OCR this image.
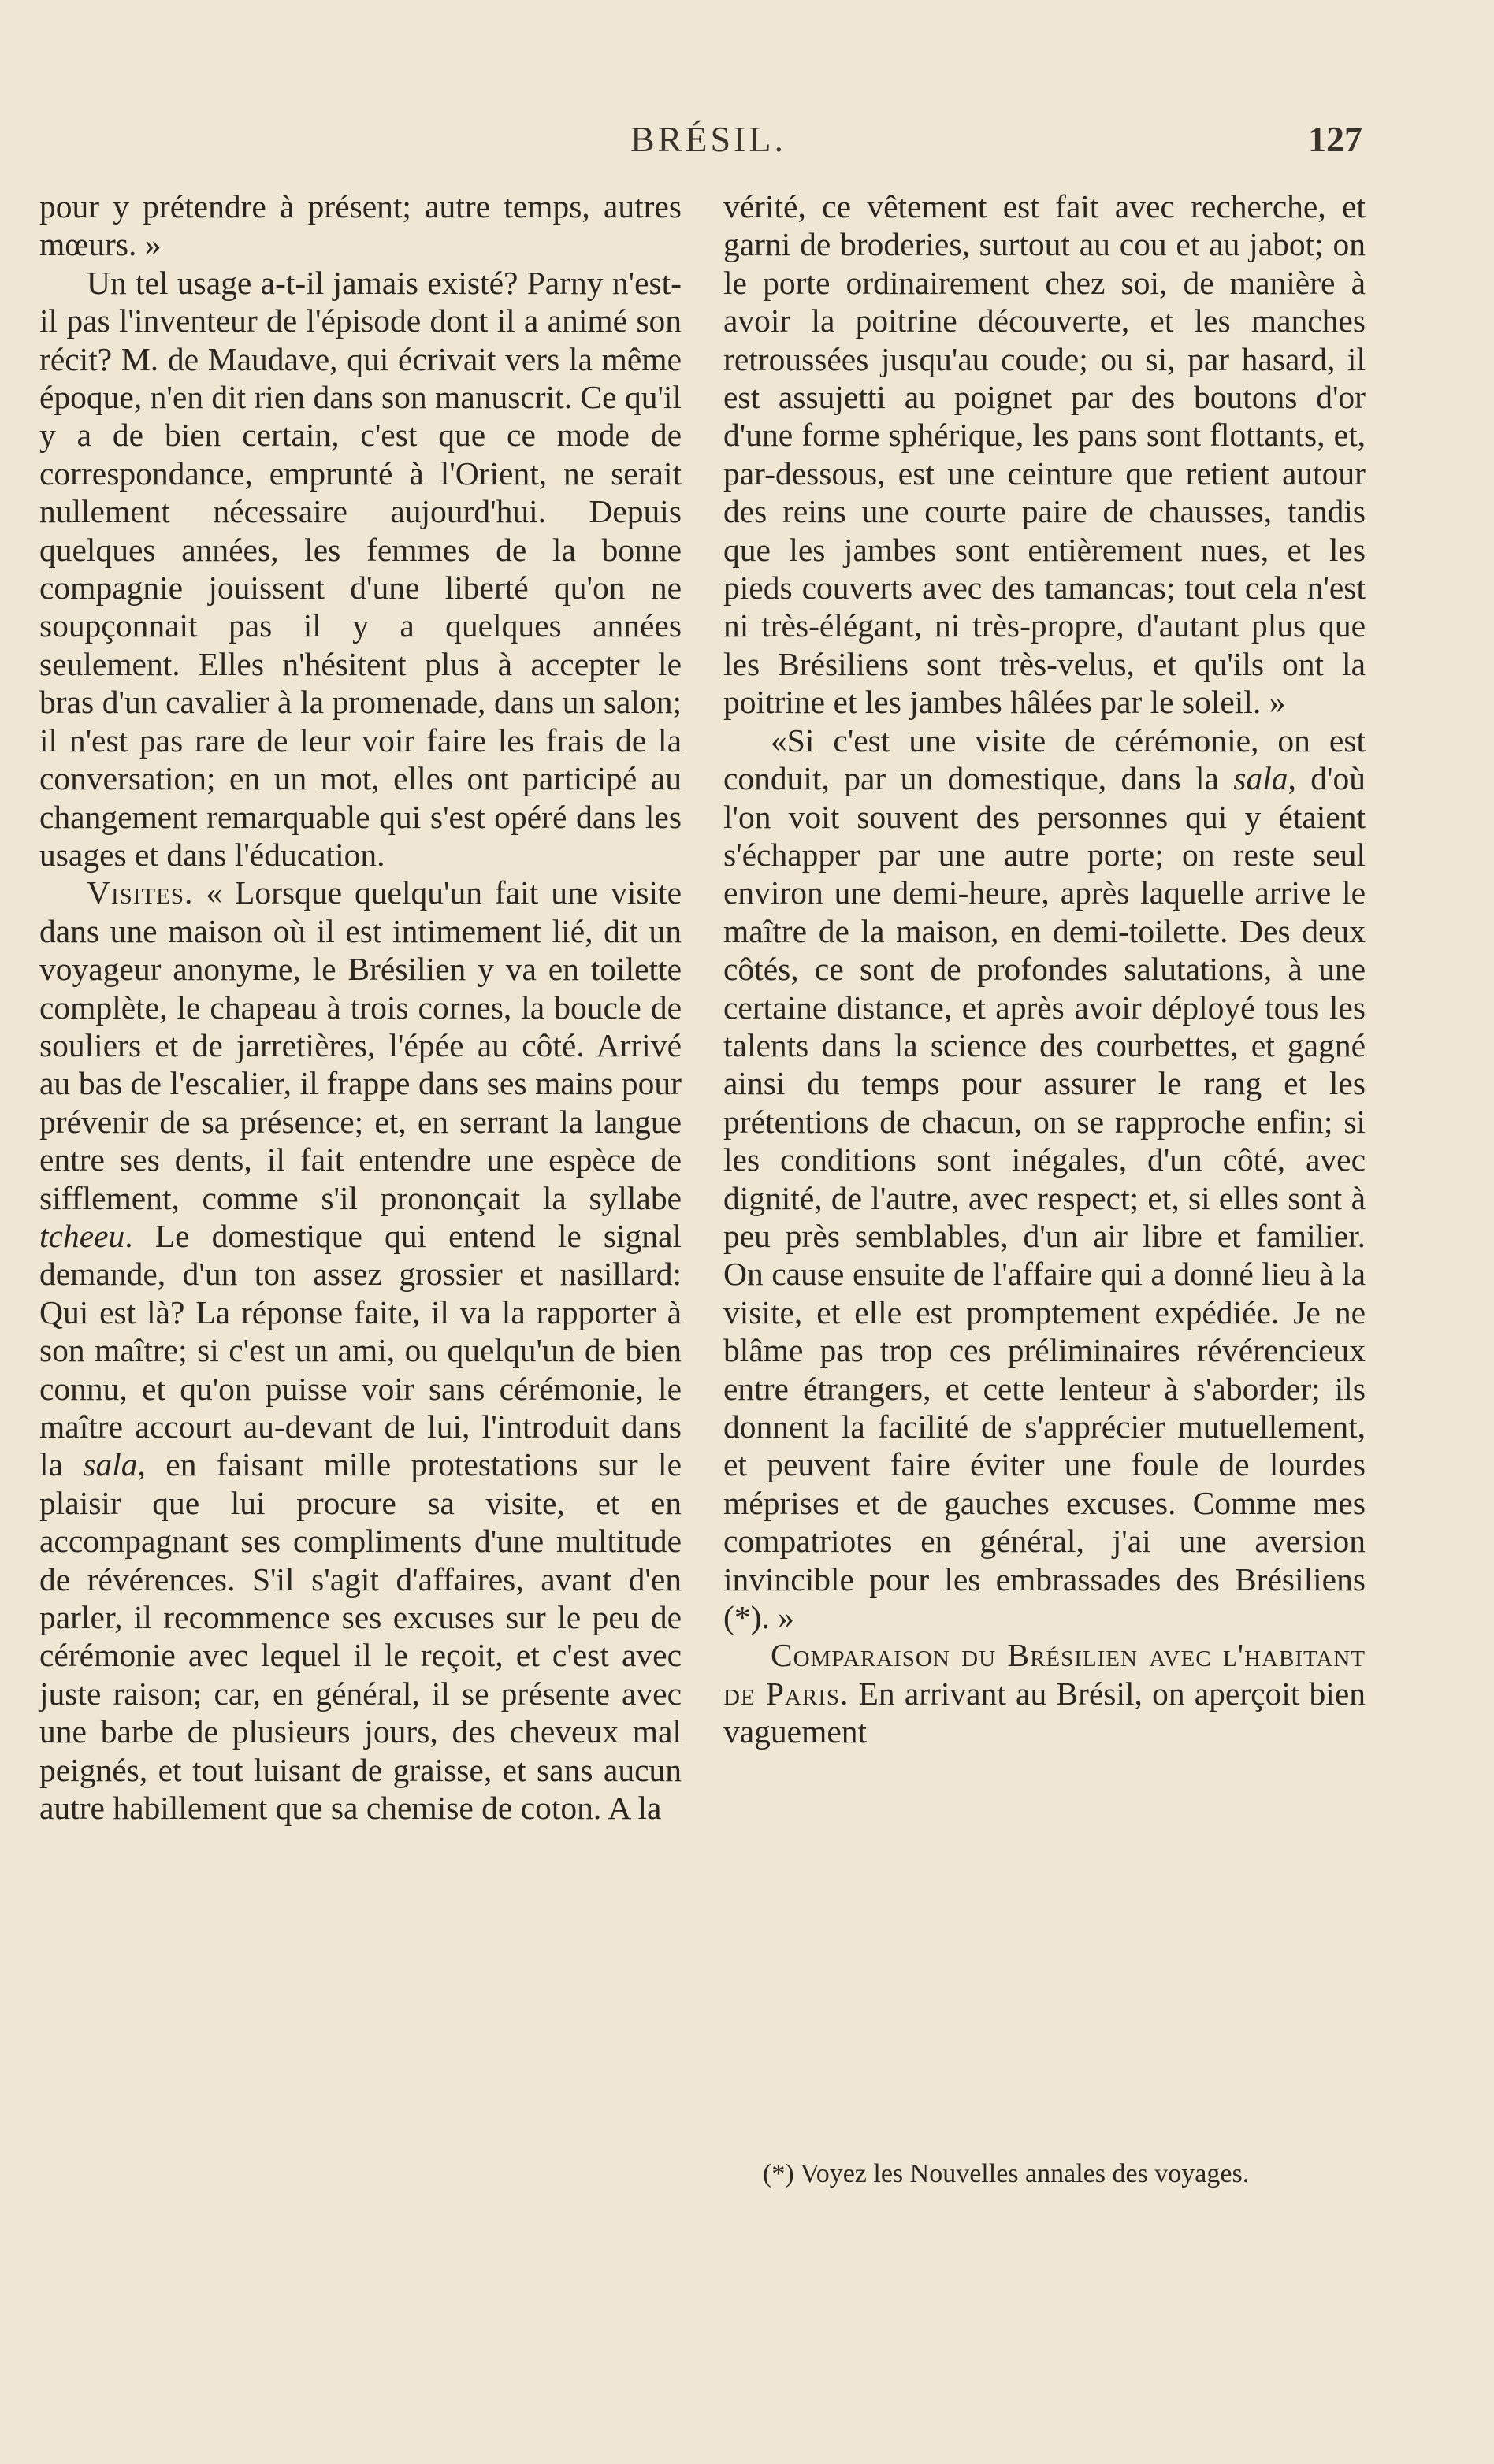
BRÉSIL.	127

pour y prétendre à présent; autre temps, autres mœurs. »

Un tel usage a-t-il jamais existé? Parny n'est-il pas l'inventeur de l'épisode dont il a animé son récit? M. de Maudave, qui écrivait vers la même époque, n'en dit rien dans son manuscrit. Ce qu'il y a de bien certain, c'est que ce mode de correspondance, emprunté à l'Orient, ne serait nullement nécessaire aujourd'hui. Depuis quelques années, les femmes de la bonne compagnie jouissent d'une liberté qu'on ne soupçonnait pas il y a quelques années seulement. Elles n'hésitent plus à accepter le bras d'un cavalier à la promenade, dans un salon; il n'est pas rare de leur voir faire les frais de la conversation; en un mot, elles ont participé au changement remarquable qui s'est opéré dans les usages et dans l'éducation.

Visites. « Lorsque quelqu'un fait une visite dans une maison où il est intimement lié, dit un voyageur anonyme, le Brésilien y va en toilette complète, le chapeau à trois cornes, la boucle de souliers et de jarretières, l'épée au côté. Arrivé au bas de l'escalier, il frappe dans ses mains pour prévenir de sa présence; et, en serrant la langue entre ses dents, il fait entendre une espèce de sifflement, comme s'il prononçait la syllabe tcheeu. Le domestique qui entend le signal demande, d'un ton assez grossier et nasillard: Qui est là? La réponse faite, il va la rapporter à son maître; si c'est un ami, ou quelqu'un de bien connu, et qu'on puisse voir sans cérémonie, le maître accourt au-devant de lui, l'introduit dans la sala, en faisant mille protestations sur le plaisir que lui procure sa visite, et en accompagnant ses compliments d'une multitude de révérences. S'il s'agit d'affaires, avant d'en parler, il recommence ses excuses sur le peu de cérémonie avec lequel il le reçoit, et c'est avec juste raison; car, en général, il se présente avec une barbe de plusieurs jours, des cheveux mal peignés, et tout luisant de graisse, et sans aucun autre habillement que sa chemise de coton. A la

vérité, ce vêtement est fait avec recherche, et garni de broderies, surtout au cou et au jabot; on le porte ordinairement chez soi, de manière à avoir la poitrine découverte, et les manches retroussées jusqu'au coude; ou si, par hasard, il est assujetti au poignet par des boutons d'or d'une forme sphérique, les pans sont flottants, et, par-dessous, est une ceinture que retient autour des reins une courte paire de chausses, tandis que les jambes sont entièrement nues, et les pieds couverts avec des tamancas; tout cela n'est ni très-élégant, ni très-propre, d'autant plus que les Brésiliens sont très-velus, et qu'ils ont la poitrine et les jambes hâlées par le soleil. »

«Si c'est une visite de cérémonie, on est conduit, par un domestique, dans la sala, d'où l'on voit souvent des personnes qui y étaient s'échapper par une autre porte; on reste seul environ une demi-heure, après laquelle arrive le maître de la maison, en demi-toilette. Des deux côtés, ce sont de profondes salutations, à une certaine distance, et après avoir déployé tous les talents dans la science des courbettes, et gagné ainsi du temps pour assurer le rang et les prétentions de chacun, on se rapproche enfin; si les conditions sont inégales, d'un côté, avec dignité, de l'autre, avec respect; et, si elles sont à peu près semblables, d'un air libre et familier. On cause ensuite de l'affaire qui a donné lieu à la visite, et elle est promptement expédiée. Je ne blâme pas trop ces préliminaires révérencieux entre étrangers, et cette lenteur à s'aborder; ils donnent la facilité de s'apprécier mutuellement, et peuvent faire éviter une foule de lourdes méprises et de gauches excuses. Comme mes compatriotes en général, j'ai une aversion invincible pour les embrassades des Brésiliens (*). »

Comparaison du Brésilien avec l'habitant de Paris. En arrivant au Brésil, on aperçoit bien vaguement

(*) Voyez les Nouvelles annales des voyages.
